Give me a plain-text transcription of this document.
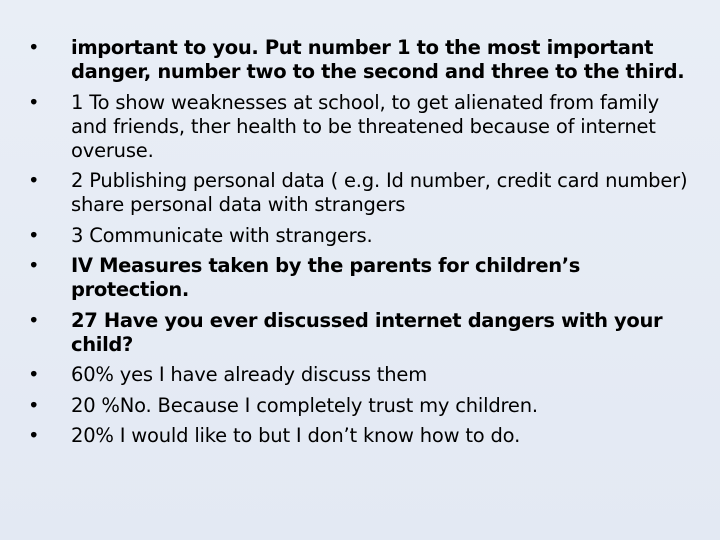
•	important to you. Put number 1 to the most important danger, number two to the second and three to the third.
•	1 To show weaknesses at school, to get alienated from family and friends, ther health to be threatened because of internet overuse.
•	2 Publishing personal data ( e.g. Id number, credit card number) share personal data with strangers
•	3 Communicate with strangers.
•	IV Measures taken by the parents for children’s protection.
•	27 Have you ever discussed internet dangers with your child?
•	60% yes I have already discuss them
•	20 %No. Because I completely trust my children.
•	20% I would like to but I don’t know how to do.
